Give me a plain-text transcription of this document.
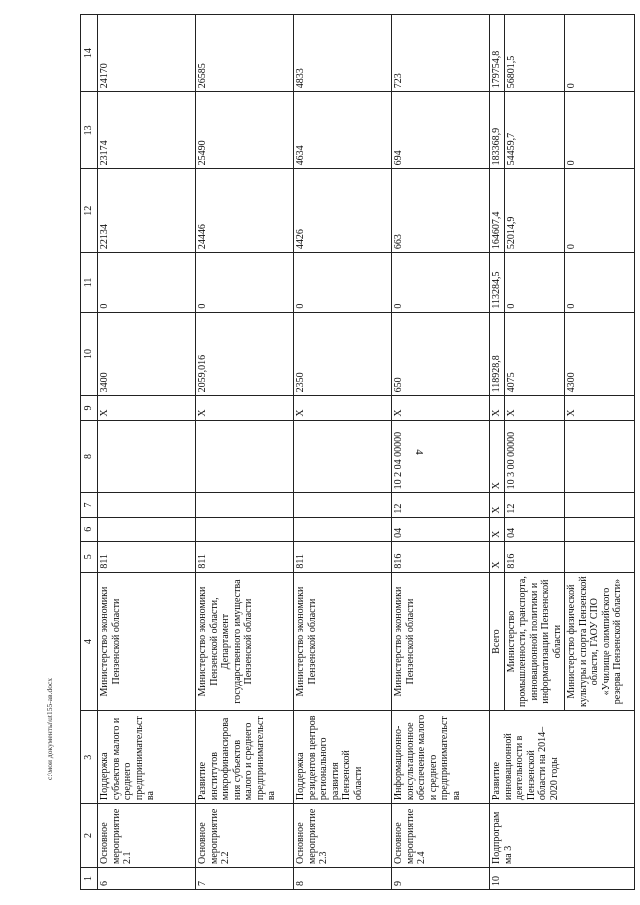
4
1	2	3	4	5	6	7	8	9	10	11	12	13	14
6	Основное мероприятие 2.1	Поддержка субъектов малого и среднего предпринимательства	Министерство экономики Пензенской области	811				X	3400	0	22134	23174	24170
7	Основное мероприятие 2.2	Развитие институтов микрофинансирования субъектов малого и среднего предпринимательства	Министерство экономики Пензенской области, Департамент государственного имущества Пензенской области	811				X	2059,016	0	24446	25490	26585
8	Основное мероприятие 2.3	Поддержка резидентов центров регионального развития Пензенской области	Министерство экономики Пензенской области	811				X	2350	0	4426	4634	4833
9	Основное мероприятие 2.4	Информационно-консультационное обеспечение малого и среднего предпринимательства	Министерство экономики Пензенской области	816	04	12	10 2 04 00000	X	650	0	663	694	723
10	Подпрограмма 3	Развитие инновационной деятельности в Пензенской области на 2014–2020 годы	Всего	X	X	X	X	X	118928,8	113284,5	164607,4	183368,9	179754,8
			Министерство промышленности, транспорта, инновационной политики и информатизации Пензенской области	816	04	12	10 3 00 00000	X	4075	0	52014,9	54459,7	56801,5
			Министерство физической культуры и спорта Пензенской области, ГАОУ СПО «Училище олимпийского резерва Пензенской области»					X	4300	0	0	0	0
c:\мои документы\ut155-ав.docx
